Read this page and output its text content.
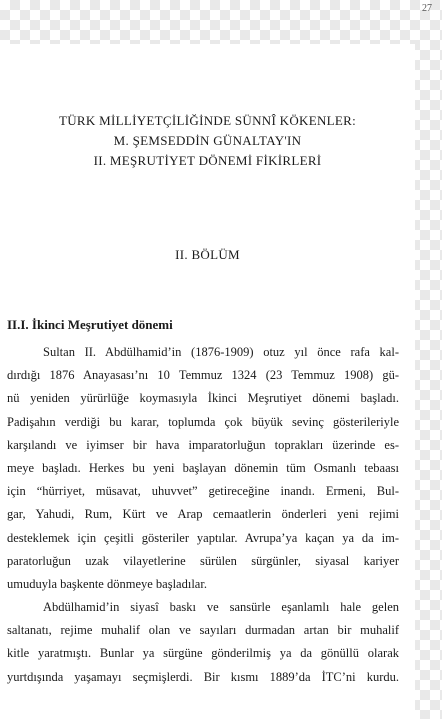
27
TÜRK MİLLİYETÇİLİĞİNDE SÜNNÎ KÖKENLER:
M. ŞEMSEDDİN GÜNALTAY'IN
II. MEŞRUTİYET DÖNEMİ FİKİRLERİ
II. BÖLÜM
II.I. İkinci Meşrutiyet dönemi
Sultan II. Abdülhamid’in (1876-1909) otuz yıl önce rafa kal-
dırdığı 1876 Anayasası’nı 10 Temmuz 1324 (23 Temmuz 1908) gü-
nü yeniden yürürlüğe koymasıyla İkinci Meşrutiyet dönemi başladı.
Padişahın verdiği bu karar, toplumda çok büyük sevinç gösterileriyle
karşılandı ve iyimser bir hava imparatorluğun toprakları üzerinde es-
meye başladı. Herkes bu yeni başlayan dönemin tüm Osmanlı tebaası
için “hürriyet, müsavat, uhuvvet” getireceğine inandı. Ermeni, Bul-
gar, Yahudi, Rum, Kürt ve Arap cemaatlerin önderleri yeni rejimi
desteklemek için çeşitli gösteriler yaptılar. Avrupa’ya kaçan ya da im-
paratorluğun uzak vilayetlerine sürülen sürgünler, siyasal kariyer
umuduyla başkente dönmeye başladılar.
Abdülhamid’in siyasî baskı ve sansürle eşanlamlı hale gelen
saltanatı, rejime muhalif olan ve sayıları durmadan artan bir muhalif
kitle yaratmıştı. Bunlar ya sürgüne gönderilmiş ya da gönüllü olarak
yurtdışında yaşamayı seçmişlerdi. Bir kısmı 1889’da İTC’ni kurdu.
